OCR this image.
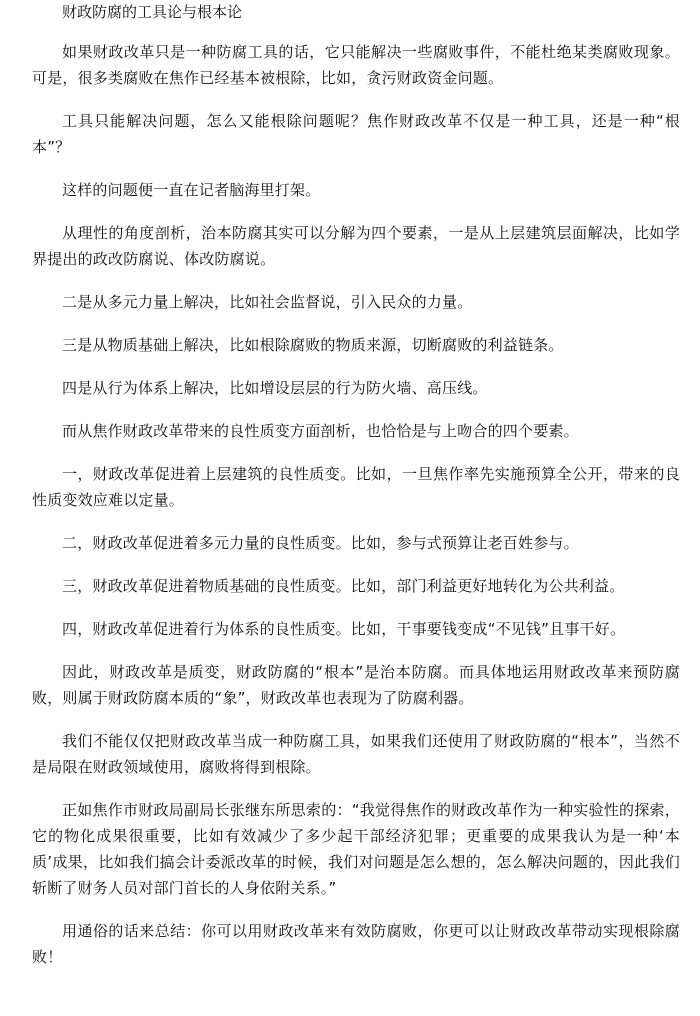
财政防腐的工具论与根本论

如果财政改革只是一种防腐工具的话，它只能解决一些腐败事件，不能杜绝某类腐败现象。可是，很多类腐败在焦作已经基本被根除，比如，贪污财政资金问题。

工具只能解决问题，怎么又能根除问题呢？焦作财政改革不仅是一种工具，还是一种“根本”？

这样的问题便一直在记者脑海里打架。

从理性的角度剖析，治本防腐其实可以分解为四个要素，一是从上层建筑层面解决，比如学界提出的政改防腐说、体改防腐说。

二是从多元力量上解决，比如社会监督说，引入民众的力量。

三是从物质基础上解决，比如根除腐败的物质来源，切断腐败的利益链条。

四是从行为体系上解决，比如增设层层的行为防火墙、高压线。

而从焦作财政改革带来的良性质变方面剖析，也恰恰是与上吻合的四个要素。

一，财政改革促进着上层建筑的良性质变。比如，一旦焦作率先实施预算全公开，带来的良性质变效应难以定量。

二，财政改革促进着多元力量的良性质变。比如，参与式预算让老百姓参与。

三，财政改革促进着物质基础的良性质变。比如，部门利益更好地转化为公共利益。

四，财政改革促进着行为体系的良性质变。比如，干事要钱变成“不见钱”且事干好。

因此，财政改革是质变，财政防腐的“根本”是治本防腐。而具体地运用财政改革来预防腐败，则属于财政防腐本质的“象”，财政改革也表现为了防腐利器。

我们不能仅仅把财政改革当成一种防腐工具，如果我们还使用了财政防腐的“根本”，当然不是局限在财政领域使用，腐败将得到根除。

正如焦作市财政局副局长张继东所思索的：“我觉得焦作的财政改革作为一种实验性的探索，它的物化成果很重要，比如有效减少了多少起干部经济犯罪；更重要的成果我认为是一种‘本质’成果，比如我们搞会计委派改革的时候，我们对问题是怎么想的，怎么解决问题的，因此我们斩断了财务人员对部门首长的人身依附关系。”

用通俗的话来总结：你可以用财政改革来有效防腐败，你更可以让财政改革带动实现根除腐败！
